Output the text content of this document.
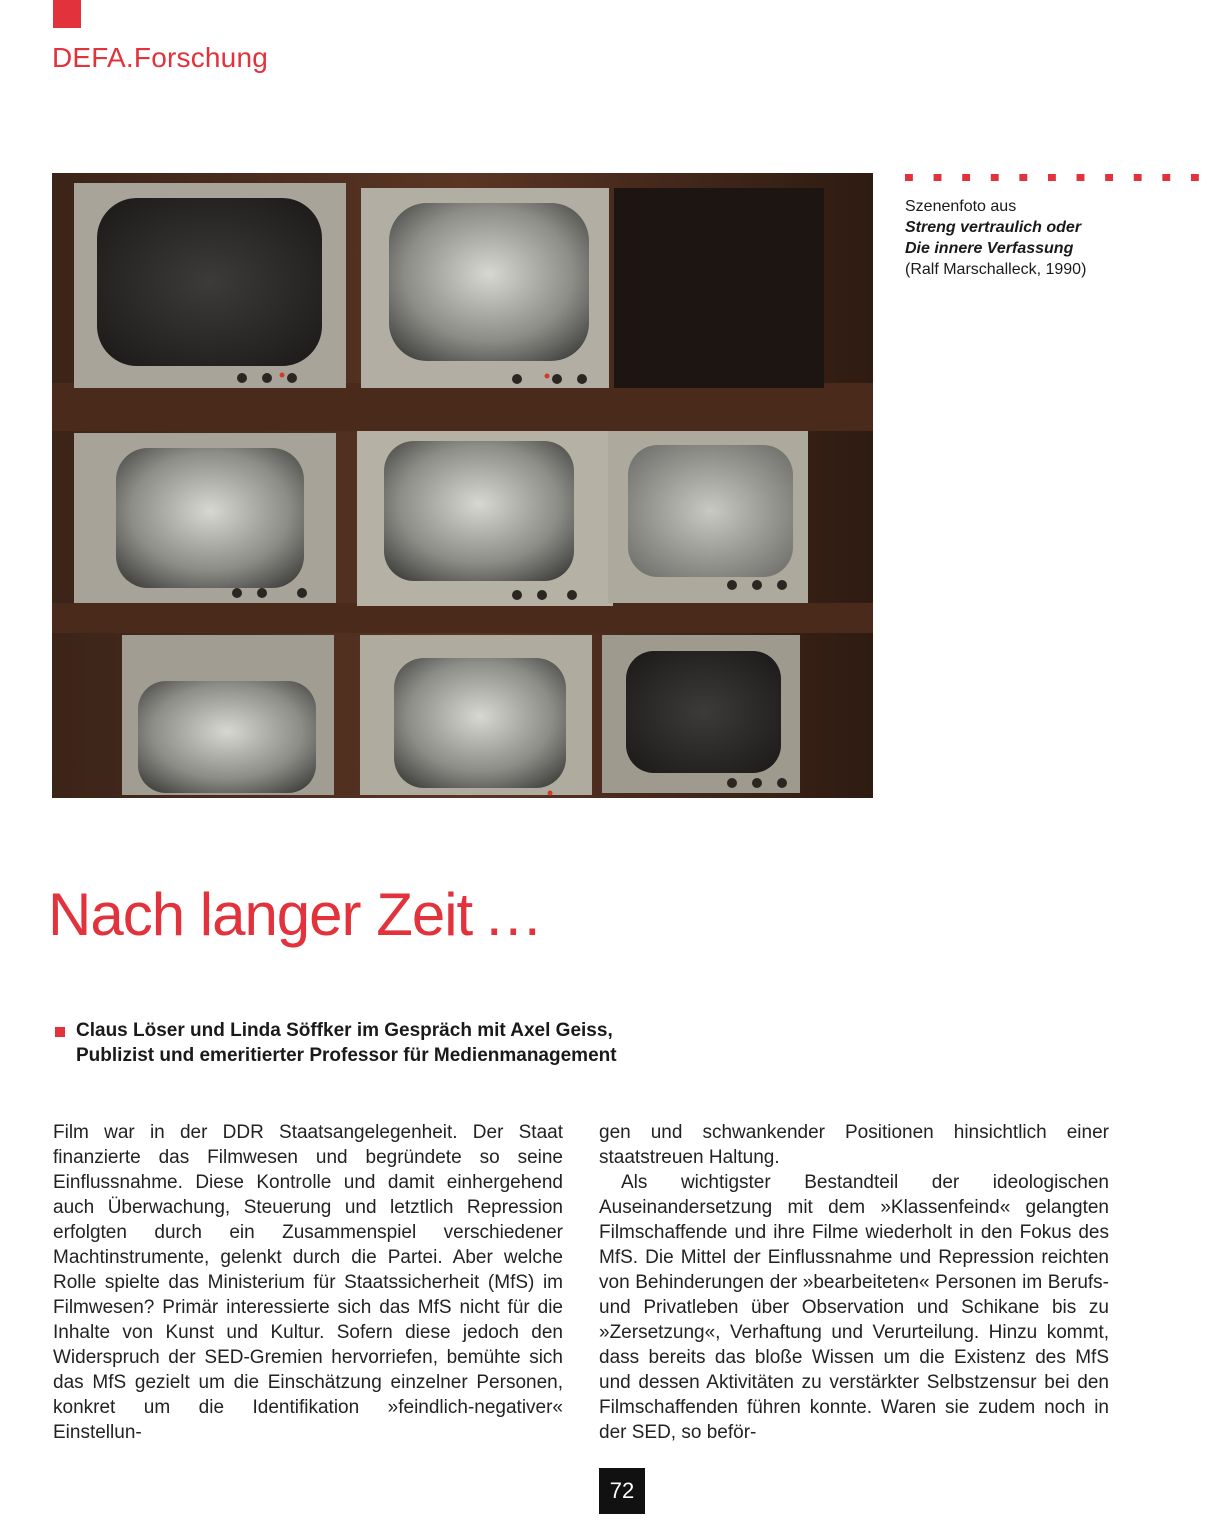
DEFA.Forschung
Szenenfoto aus
Streng vertraulich oder
Die innere Verfassung
(Ralf Marschalleck, 1990)
Nach langer Zeit …
Claus Löser und Linda Söffker im Gespräch mit Axel Geiss,
Publizist und emeritierter Professor für Medienmanagement

Film war in der DDR Staatsangelegenheit. Der Staat finanzierte das Filmwesen und begründete so seine Einflussnahme. Diese Kontrolle und damit einhergehend auch Überwachung, Steuerung und letztlich Repression erfolgten durch ein Zusammenspiel verschiedener Machtinstrumente, gelenkt durch die Partei. Aber welche Rolle spielte das Ministerium für Staatssicherheit (MfS) im Filmwesen? Primär interessierte sich das MfS nicht für die Inhalte von Kunst und Kultur. Sofern diese jedoch den Widerspruch der SED-Gremien hervorriefen, bemühte sich das MfS gezielt um die Einschätzung einzelner Personen, konkret um die Identifikation »feindlich-negativer« Einstellun-

gen und schwankender Positionen hinsichtlich einer staatstreuen Haltung.

Als wichtigster Bestandteil der ideologischen Auseinandersetzung mit dem »Klassenfeind« gelangten Filmschaffende und ihre Filme wiederholt in den Fokus des MfS. Die Mittel der Einflussnahme und Repression reichten von Behinderungen der »bearbeiteten« Personen im Berufs- und Privatleben über Observation und Schikane bis zu »Zersetzung«, Verhaftung und Verurteilung. Hinzu kommt, dass bereits das bloße Wissen um die Existenz des MfS und dessen Aktivitäten zu verstärkter Selbstzensur bei den Filmschaffenden führen konnte. Waren sie zudem noch in der SED, so beför-

72
